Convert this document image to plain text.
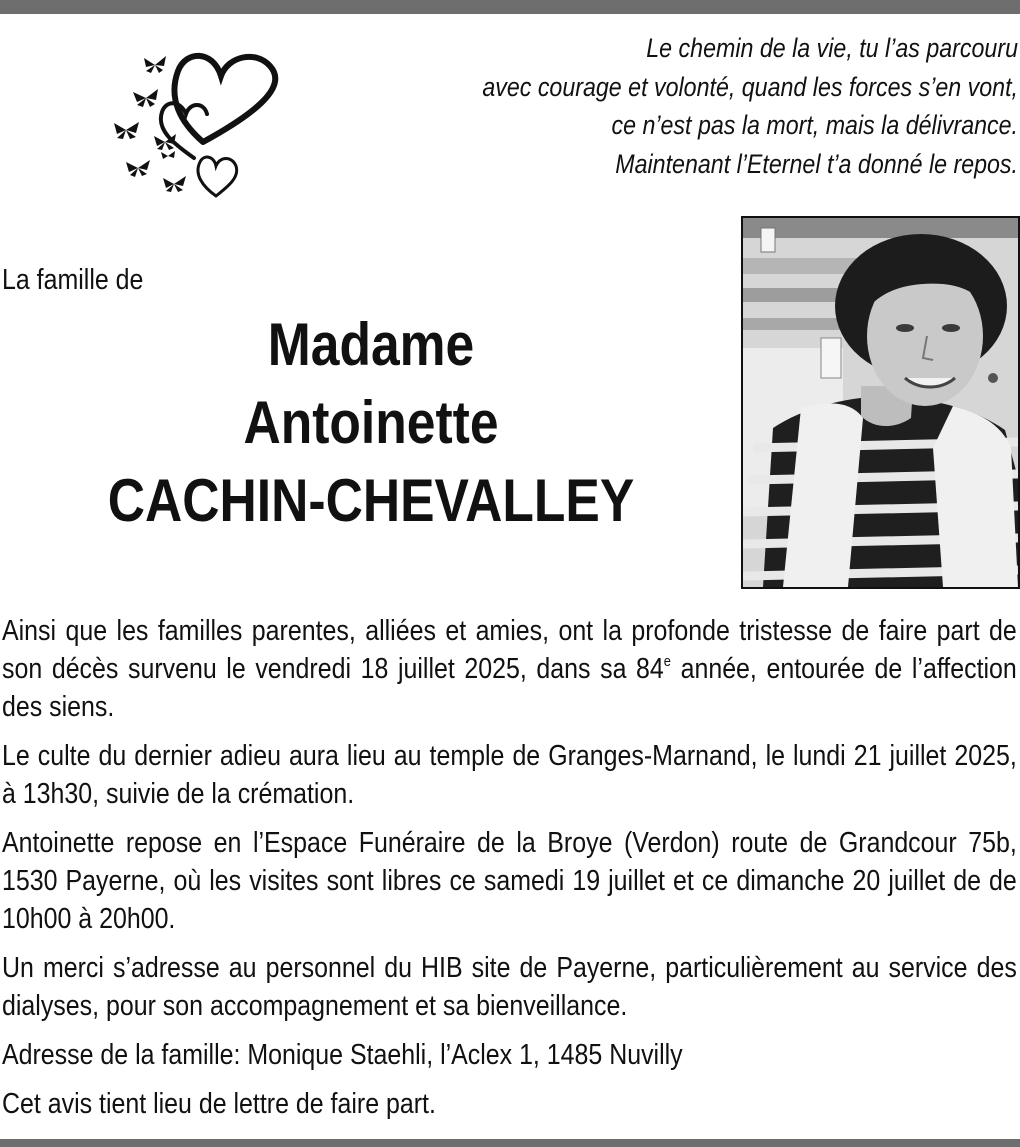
Le chemin de la vie, tu l’as parcouru
avec courage et volonté, quand les forces s’en vont,
ce n’est pas la mort, mais la délivrance.
Maintenant l’Eternel t’a donné le repos.
La famille de
Madame
Antoinette
CACHIN-CHEVALLEY

Ainsi que les familles parentes, alliées et amies, ont la profonde tristesse de faire part de son décès survenu le vendredi 18 juillet 2025, dans sa 84e année, entourée de l’affection des siens.

Le culte du dernier adieu aura lieu au temple de Granges-Marnand, le lundi 21 juillet 2025, à 13h30, suivie de la crémation.

Antoinette repose en l’Espace Funéraire de la Broye (Verdon) route de Grandcour 75b, 1530 Payerne, où les visites sont libres ce samedi 19 juillet et ce dimanche 20 juillet de de 10h00 à 20h00.

Un merci s’adresse au personnel du HIB site de Payerne, particulièrement au service des dialyses, pour son accompagnement et sa bienveillance.

Adresse de la famille: Monique Staehli, l’Aclex 1, 1485 Nuvilly

Cet avis tient lieu de lettre de faire part.
